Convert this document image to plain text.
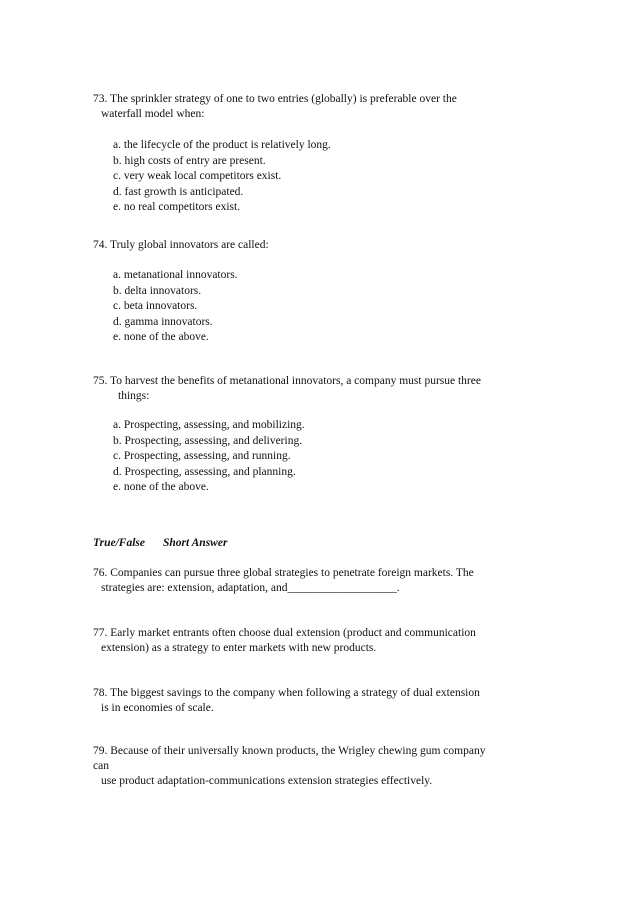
73. The sprinkler strategy of one to two entries (globally) is preferable over the
waterfall model when:
a. the lifecycle of the product is relatively long.
b. high costs of entry are present.
c. very weak local competitors exist.
d. fast growth is anticipated.
e. no real competitors exist.
74. Truly global innovators are called:
a. metanational innovators.
b. delta innovators.
c. beta innovators.
d. gamma innovators.
e. none of the above.
75. To harvest the benefits of metanational innovators, a company must pursue three
things:
a. Prospecting, assessing, and mobilizing.
b. Prospecting, assessing, and delivering.
c. Prospecting, assessing, and running.
d. Prospecting, assessing, and planning.
e. none of the above.
True/False Short Answer
76. Companies can pursue three global strategies to penetrate foreign markets. The
strategies are: extension, adaptation, and___________________.
77. Early market entrants often choose dual extension (product and communication
extension) as a strategy to enter markets with new products.
78. The biggest savings to the company when following a strategy of dual extension
is in economies of scale.
79. Because of their universally known products, the Wrigley chewing gum company
can
use product adaptation-communications extension strategies effectively.
